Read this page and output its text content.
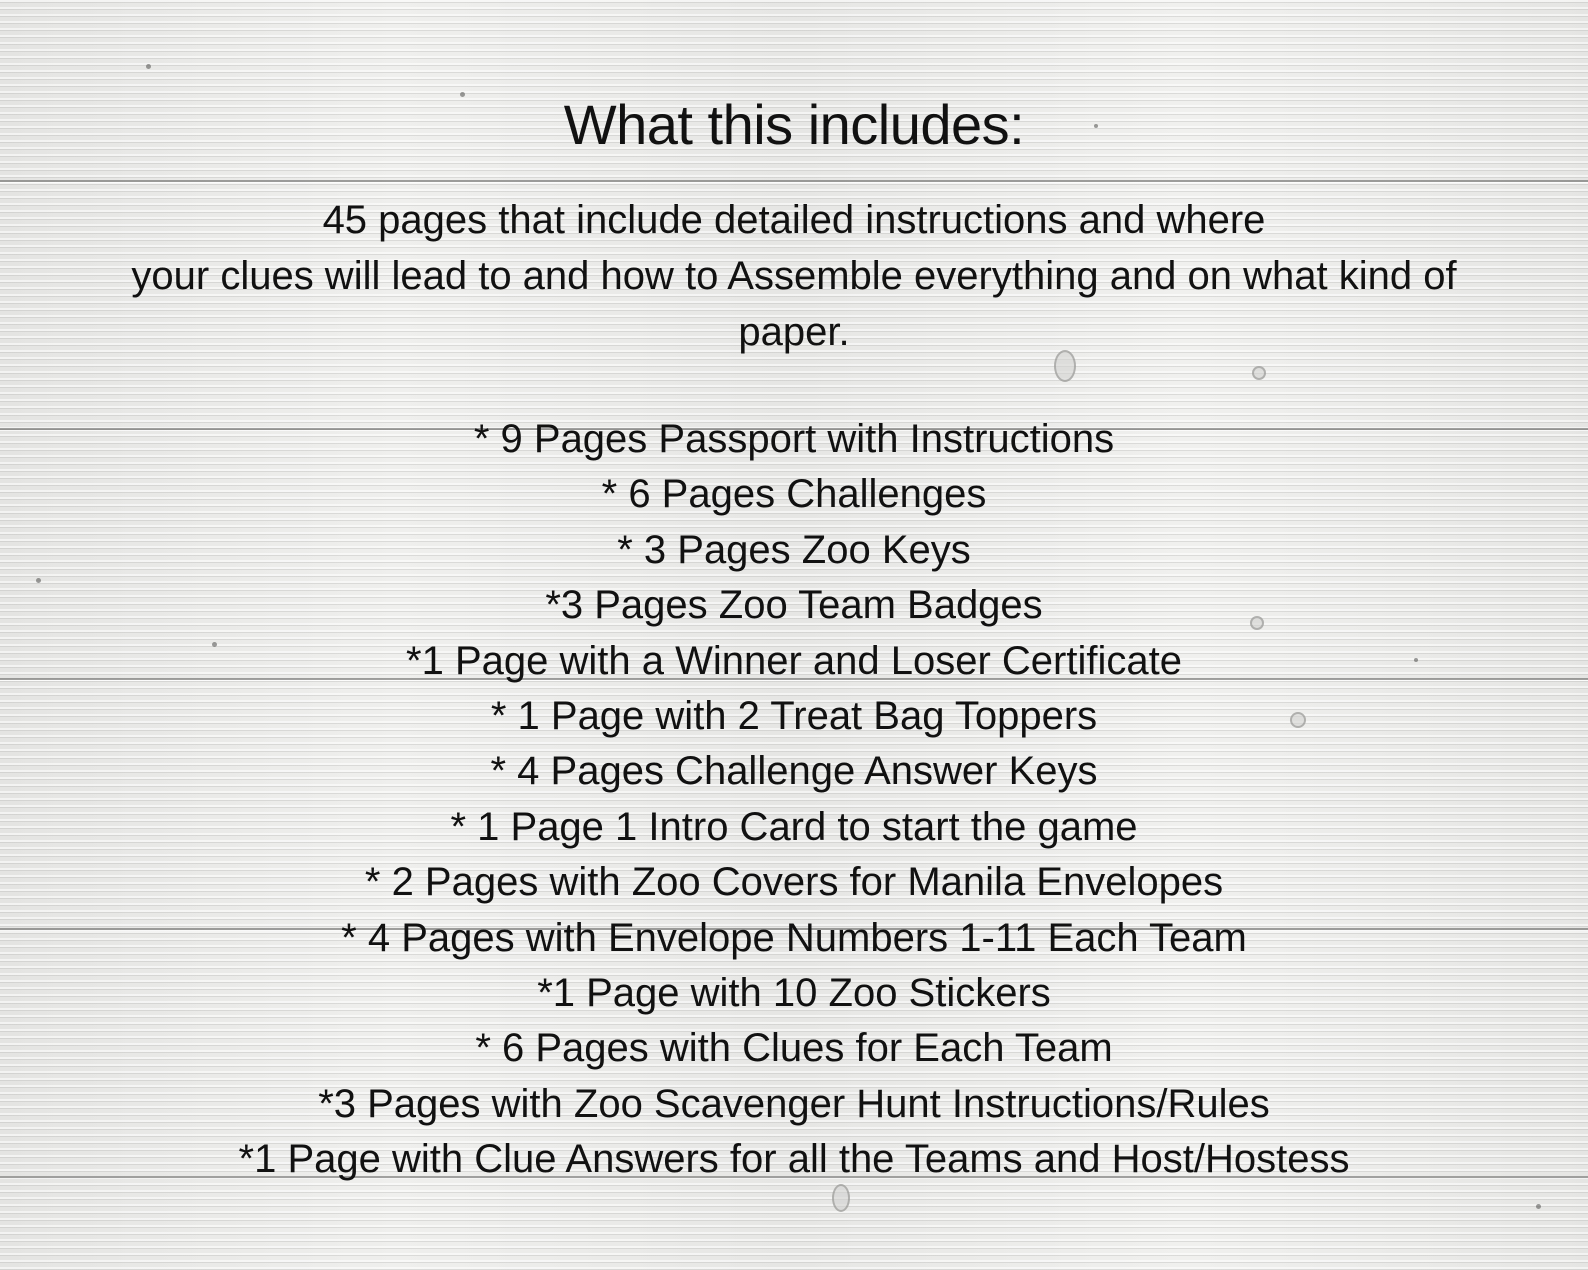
What this includes:
45 pages that include detailed instructions and where
your clues will lead to and how to Assemble everything and on what kind of
paper.
* 9 Pages Passport with Instructions
* 6 Pages Challenges
* 3 Pages Zoo Keys
*3 Pages Zoo Team Badges
*1 Page with a Winner and Loser Certificate
* 1 Page with 2 Treat Bag Toppers
* 4 Pages Challenge Answer Keys
* 1 Page 1 Intro Card to start the game
* 2 Pages with Zoo Covers for Manila Envelopes
* 4 Pages with Envelope Numbers 1-11 Each Team
*1 Page with 10 Zoo Stickers
* 6 Pages with Clues for Each Team
*3 Pages with Zoo Scavenger Hunt Instructions/Rules
*1 Page with Clue Answers for all the Teams and Host/Hostess
